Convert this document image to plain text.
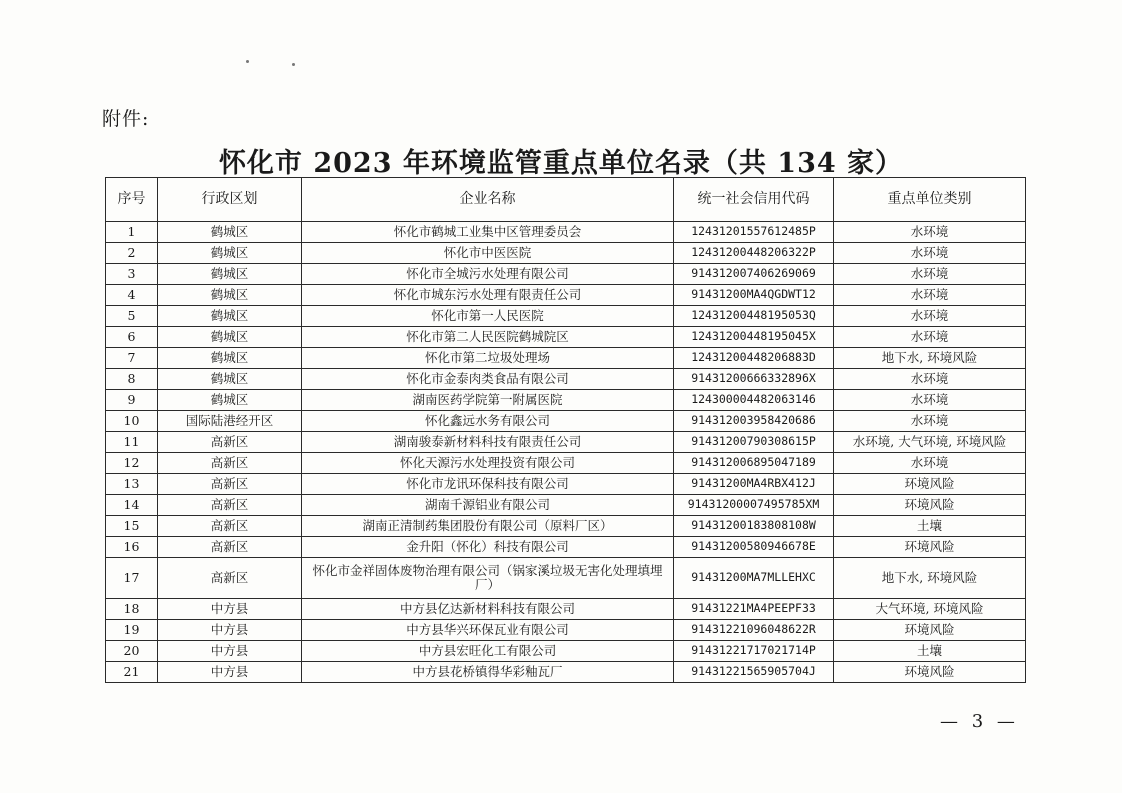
附件:
怀化市 2023 年环境监管重点单位名录（共 134 家）
序号	行政区划	企业名称	统一社会信用代码	重点单位类别
1	鹤城区	怀化市鹤城工业集中区管理委员会	12431201557612485P	水环境
2	鹤城区	怀化市中医医院	12431200448206322P	水环境
3	鹤城区	怀化市全城污水处理有限公司	914312007406269069	水环境
4	鹤城区	怀化市城东污水处理有限责任公司	91431200MA4QGDWT12	水环境
5	鹤城区	怀化市第一人民医院	12431200448195053Q	水环境
6	鹤城区	怀化市第二人民医院鹤城院区	12431200448195045X	水环境
7	鹤城区	怀化市第二垃圾处理场	12431200448206883D	地下水, 环境风险
8	鹤城区	怀化市金泰肉类食品有限公司	91431200666332896X	水环境
9	鹤城区	湖南医药学院第一附属医院	12430000448206314​6	水环境
10	国际陆港经开区	怀化鑫远水务有限公司	91431200395842068​6	水环境
11	高新区	湖南骏泰新材料科技有限责任公司	91431200790308615P	水环境, 大气环境, 环境风险
12	高新区	怀化天源污水处理投资有限公司	914312006895047189	水环境
13	高新区	怀化市龙讯环保科技有限公司	91431200MA4RBX412J	环境风险
14	高新区	湖南千源铝业有限公司	91431200007495785XM	环境风险
15	高新区	湖南正清制药集团股份有限公司（原料厂区）	91431200183808108W	土壤
16	高新区	金升阳（怀化）科技有限公司	91431200580946678E	环境风险
17	高新区	怀化市金祥固体废物治理有限公司（锅家溪垃圾无害化处理填埋厂）	91431200MA7MLLEHXC	地下水, 环境风险
18	中方县	中方县亿达新材料科技有限公司	91431221MA4PEEPF33	大气环境, 环境风险
19	中方县	中方县华兴环保瓦业有限公司	91431221096048622R	环境风险
20	中方县	中方县宏旺化工有限公司	91431221717021714P	土壤
21	中方县	中方县花桥镇得华彩釉瓦厂	91431221565905704J	环境风险
— 3 —
